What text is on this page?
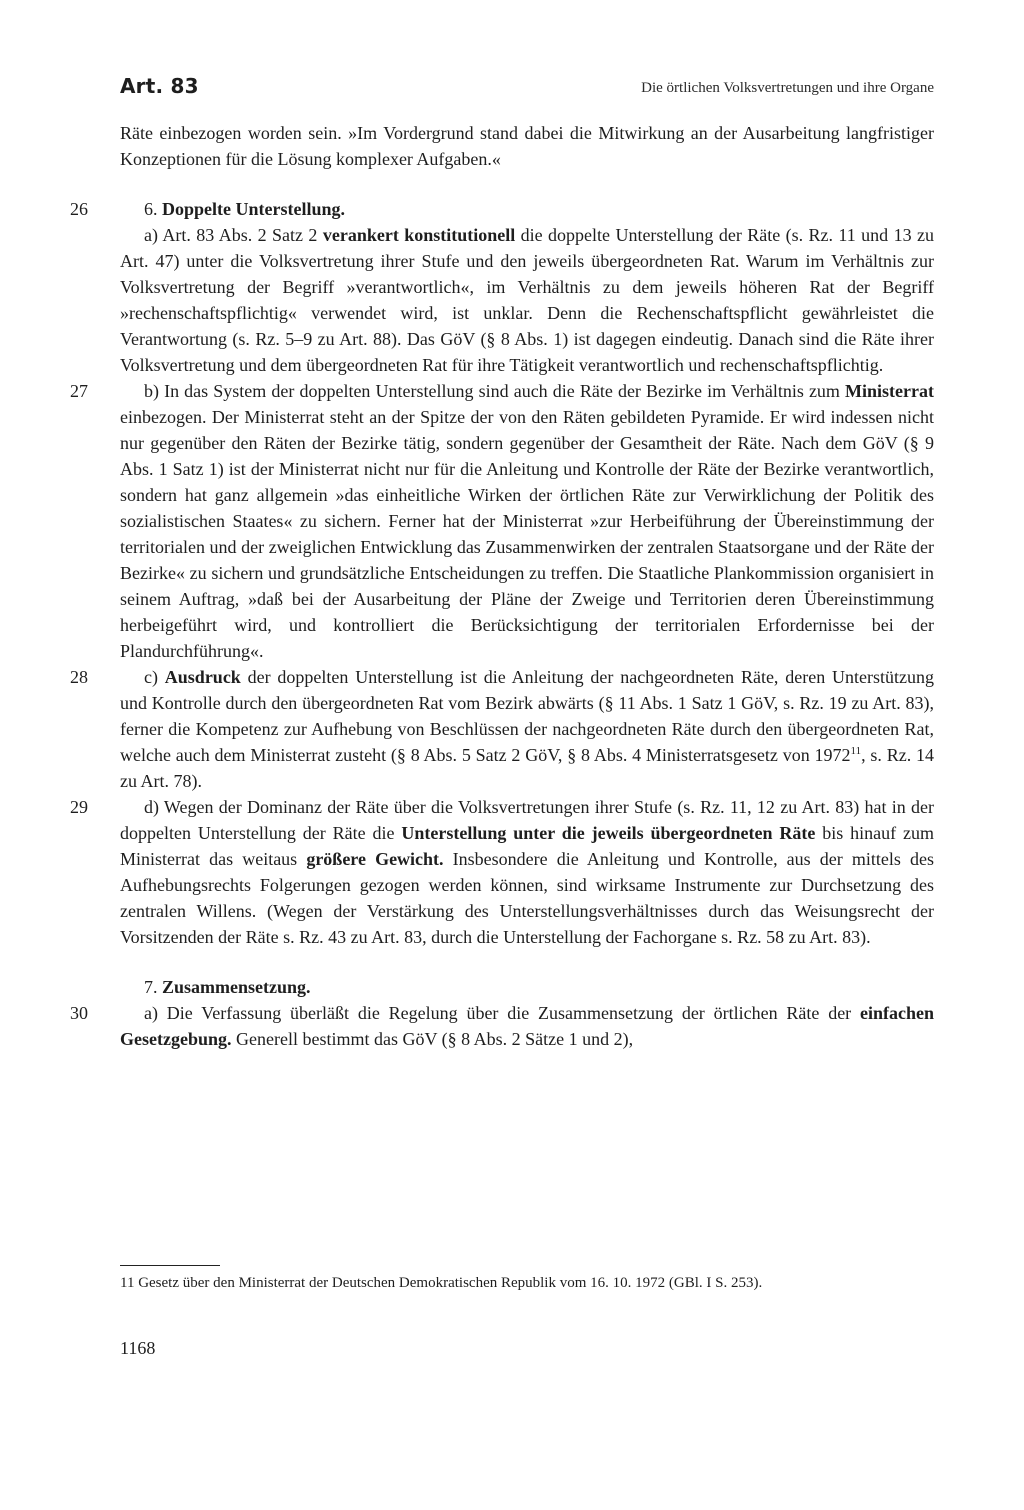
Art. 83	Die örtlichen Volksvertretungen und ihre Organe

Räte einbezogen worden sein. »Im Vordergrund stand dabei die Mitwirkung an der Ausarbeitung langfristiger Konzeptionen für die Lösung komplexer Aufgaben.«

26	6. Doppelte Unterstellung.

a) Art. 83 Abs. 2 Satz 2 verankert konstitutionell die doppelte Unterstellung der Räte (s. Rz. 11 und 13 zu Art. 47) unter die Volksvertretung ihrer Stufe und den jeweils übergeordneten Rat. Warum im Verhältnis zur Volksvertretung der Begriff »verantwortlich«, im Verhältnis zu dem jeweils höheren Rat der Begriff »rechenschaftspflichtig« verwendet wird, ist unklar. Denn die Rechenschaftspflicht gewährleistet die Verantwortung (s. Rz. 5–9 zu Art. 88). Das GöV (§ 8 Abs. 1) ist dagegen eindeutig. Danach sind die Räte ihrer Volksvertretung und dem übergeordneten Rat für ihre Tätigkeit verantwortlich und rechenschaftspflichtig.

27	b) In das System der doppelten Unterstellung sind auch die Räte der Bezirke im Verhältnis zum Ministerrat einbezogen. Der Ministerrat steht an der Spitze der von den Räten gebildeten Pyramide. Er wird indessen nicht nur gegenüber den Räten der Bezirke tätig, sondern gegenüber der Gesamtheit der Räte. Nach dem GöV (§ 9 Abs. 1 Satz 1) ist der Ministerrat nicht nur für die Anleitung und Kontrolle der Räte der Bezirke verantwortlich, sondern hat ganz allgemein »das einheitliche Wirken der örtlichen Räte zur Verwirklichung der Politik des sozialistischen Staates« zu sichern. Ferner hat der Ministerrat »zur Herbeiführung der Übereinstimmung der territorialen und der zweiglichen Entwicklung das Zusammenwirken der zentralen Staatsorgane und der Räte der Bezirke« zu sichern und grundsätzliche Entscheidungen zu treffen. Die Staatliche Plankommission organisiert in seinem Auftrag, »daß bei der Ausarbeitung der Pläne der Zweige und Territorien deren Übereinstimmung herbeigeführt wird, und kontrolliert die Berücksichtigung der territorialen Erfordernisse bei der Plandurchführung«.

28	c) Ausdruck der doppelten Unterstellung ist die Anleitung der nachgeordneten Räte, deren Unterstützung und Kontrolle durch den übergeordneten Rat vom Bezirk abwärts (§ 11 Abs. 1 Satz 1 GöV, s. Rz. 19 zu Art. 83), ferner die Kompetenz zur Aufhebung von Beschlüssen der nachgeordneten Räte durch den übergeordneten Rat, welche auch dem Ministerrat zusteht (§ 8 Abs. 5 Satz 2 GöV, § 8 Abs. 4 Ministerratsgesetz von 1972$^{11}$, s. Rz. 14 zu Art. 78).

29	d) Wegen der Dominanz der Räte über die Volksvertretungen ihrer Stufe (s. Rz. 11, 12 zu Art. 83) hat in der doppelten Unterstellung der Räte die Unterstellung unter die jeweils übergeordneten Räte bis hinauf zum Ministerrat das weitaus größere Gewicht. Insbesondere die Anleitung und Kontrolle, aus der mittels des Aufhebungsrechts Folgerungen gezogen werden können, sind wirksame Instrumente zur Durchsetzung des zentralen Willens. (Wegen der Verstärkung des Unterstellungsverhältnisses durch das Weisungsrecht der Vorsitzenden der Räte s. Rz. 43 zu Art. 83, durch die Unterstellung der Fachorgane s. Rz. 58 zu Art. 83).

7. Zusammensetzung.

30	a) Die Verfassung überläßt die Regelung über die Zusammensetzung der örtlichen Räte der einfachen Gesetzgebung. Generell bestimmt das GöV (§ 8 Abs. 2 Sätze 1 und 2),

11 Gesetz über den Ministerrat der Deutschen Demokratischen Republik vom 16. 10. 1972 (GBl. I S. 253).
1168
